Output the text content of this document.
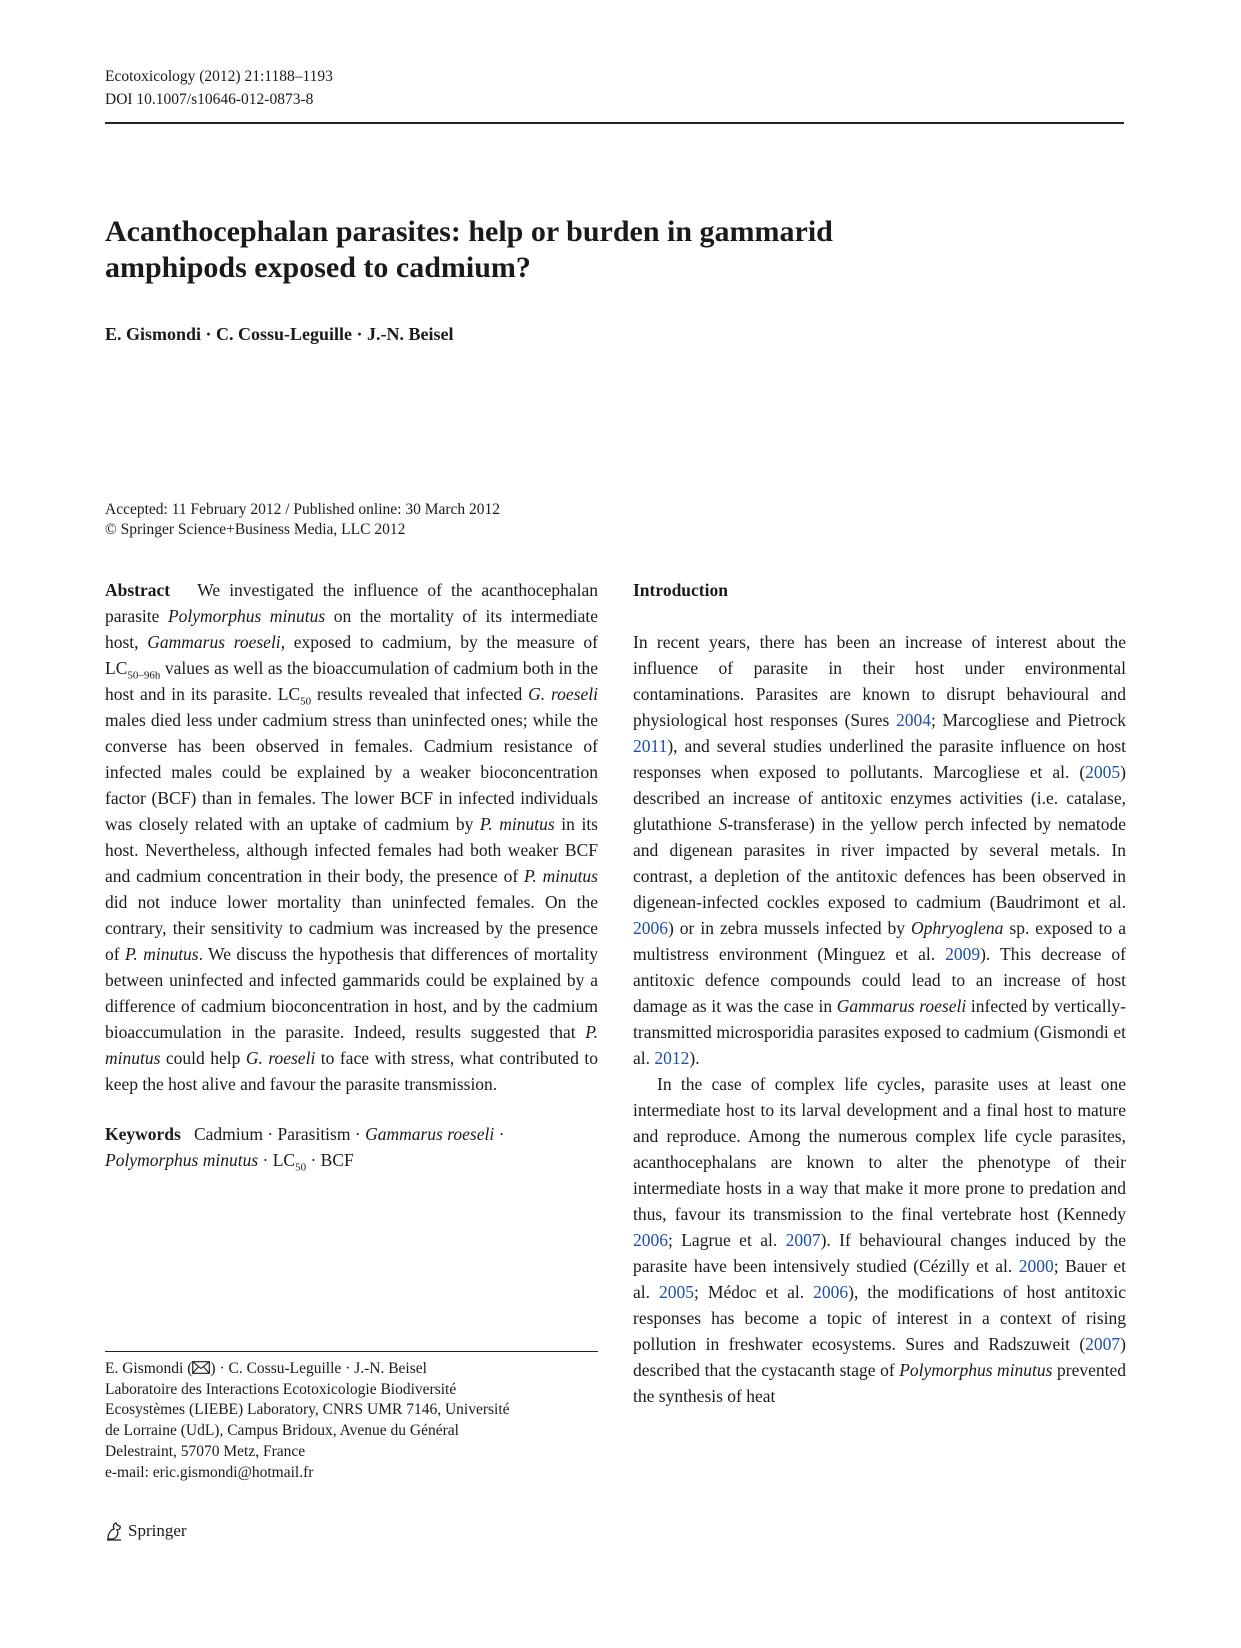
Ecotoxicology (2012) 21:1188–1193
DOI 10.1007/s10646-012-0873-8
Acanthocephalan parasites: help or burden in gammarid
amphipods exposed to cadmium?
E. Gismondi · C. Cossu-Leguille · J.-N. Beisel
Accepted: 11 February 2012 / Published online: 30 March 2012
© Springer Science+Business Media, LLC 2012

Abstract We investigated the influence of the acanthocephalan parasite Polymorphus minutus on the mortality of its intermediate host, Gammarus roeseli, exposed to cadmium, by the measure of $LC_{50-96h}$ values as well as the bioaccumulation of cadmium both in the host and in its parasite. $LC_{50}$ results revealed that infected G. roeseli males died less under cadmium stress than uninfected ones; while the converse has been observed in females. Cadmium resistance of infected males could be explained by a weaker bioconcentration factor (BCF) than in females. The lower BCF in infected individuals was closely related with an uptake of cadmium by P. minutus in its host. Nevertheless, although infected females had both weaker BCF and cadmium concentration in their body, the presence of P. minutus did not induce lower mortality than uninfected females. On the contrary, their sensitivity to cadmium was increased by the presence of P. minutus. We discuss the hypothesis that differences of mortality between uninfected and infected gammarids could be explained by a difference of cadmium bioconcentration in host, and by the cadmium bioaccumulation in the parasite. Indeed, results suggested that P. minutus could help G. roeseli to face with stress, what contributed to keep the host alive and favour the parasite transmission.

Keywords Cadmium · Parasitism · Gammarus roeseli · Polymorphus minutus · $LC_{50}$ · BCF

E. Gismondi ( ) · C. Cossu-Leguille · J.-N. Beisel
Laboratoire des Interactions Ecotoxicologie Biodiversité
Ecosystèmes (LIEBE) Laboratory, CNRS UMR 7146, Université
de Lorraine (UdL), Campus Bridoux, Avenue du Général
Delestraint, 57070 Metz, France
e-mail: eric.gismondi@hotmail.fr
Introduction

In recent years, there has been an increase of interest about the influence of parasite in their host under environmental contaminations. Parasites are known to disrupt behavioural and physiological host responses (Sures 2004; Marcogliese and Pietrock 2011), and several studies underlined the parasite influence on host responses when exposed to pollutants. Marcogliese et al. (2005) described an increase of antitoxic enzymes activities (i.e. catalase, glutathione S-transferase) in the yellow perch infected by nematode and digenean parasites in river impacted by several metals. In contrast, a depletion of the antitoxic defences has been observed in digenean-infected cockles exposed to cadmium (Baudrimont et al. 2006) or in zebra mussels infected by Ophryoglena sp. exposed to a multistress environment (Minguez et al. 2009). This decrease of antitoxic defence compounds could lead to an increase of host damage as it was the case in Gammarus roeseli infected by vertically-transmitted microsporidia parasites exposed to cadmium (Gismondi et al. 2012).

In the case of complex life cycles, parasite uses at least one intermediate host to its larval development and a final host to mature and reproduce. Among the numerous complex life cycle parasites, acanthocephalans are known to alter the phenotype of their intermediate hosts in a way that make it more prone to predation and thus, favour its transmission to the final vertebrate host (Kennedy 2006; Lagrue et al. 2007). If behavioural changes induced by the parasite have been intensively studied (Cézilly et al. 2000; Bauer et al. 2005; Médoc et al. 2006), the modifications of host antitoxic responses has become a topic of interest in a context of rising pollution in freshwater ecosystems. Sures and Radszuweit (2007) described that the cystacanth stage of Polymorphus minutus prevented the synthesis of heat

Springer
